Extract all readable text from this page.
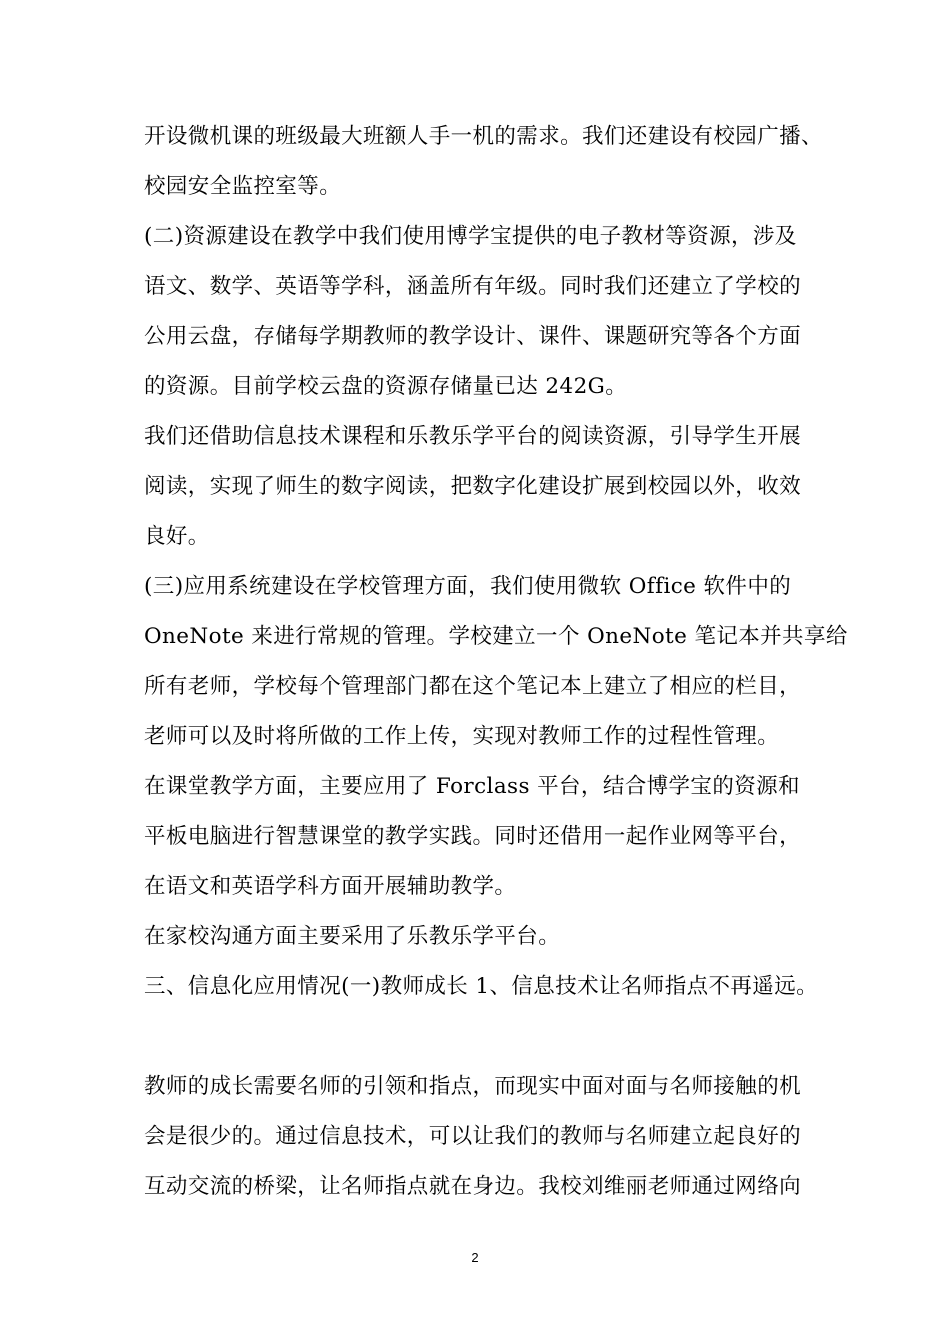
开设微机课的班级最大班额人手一机的需求。我们还建设有校园广播、
校园安全监控室等。
(二)资源建设在教学中我们使用博学宝提供的电子教材等资源，涉及
语文、数学、英语等学科，涵盖所有年级。同时我们还建立了学校的
公用云盘，存储每学期教师的教学设计、课件、课题研究等各个方面
的资源。目前学校云盘的资源存储量已达 242G。
我们还借助信息技术课程和乐教乐学平台的阅读资源，引导学生开展
阅读，实现了师生的数字阅读，把数字化建设扩展到校园以外，收效
良好。
(三)应用系统建设在学校管理方面，我们使用微软 Office 软件中的
OneNote 来进行常规的管理。学校建立一个 OneNote 笔记本并共享给
所有老师，学校每个管理部门都在这个笔记本上建立了相应的栏目，
老师可以及时将所做的工作上传，实现对教师工作的过程性管理。
在课堂教学方面，主要应用了 Forclass 平台，结合博学宝的资源和
平板电脑进行智慧课堂的教学实践。同时还借用一起作业网等平台，
在语文和英语学科方面开展辅助教学。
在家校沟通方面主要采用了乐教乐学平台。
三、信息化应用情况(一)教师成长 1、信息技术让名师指点不再遥远。
教师的成长需要名师的引领和指点，而现实中面对面与名师接触的机
会是很少的。通过信息技术，可以让我们的教师与名师建立起良好的
互动交流的桥梁，让名师指点就在身边。我校刘维丽老师通过网络向
2
